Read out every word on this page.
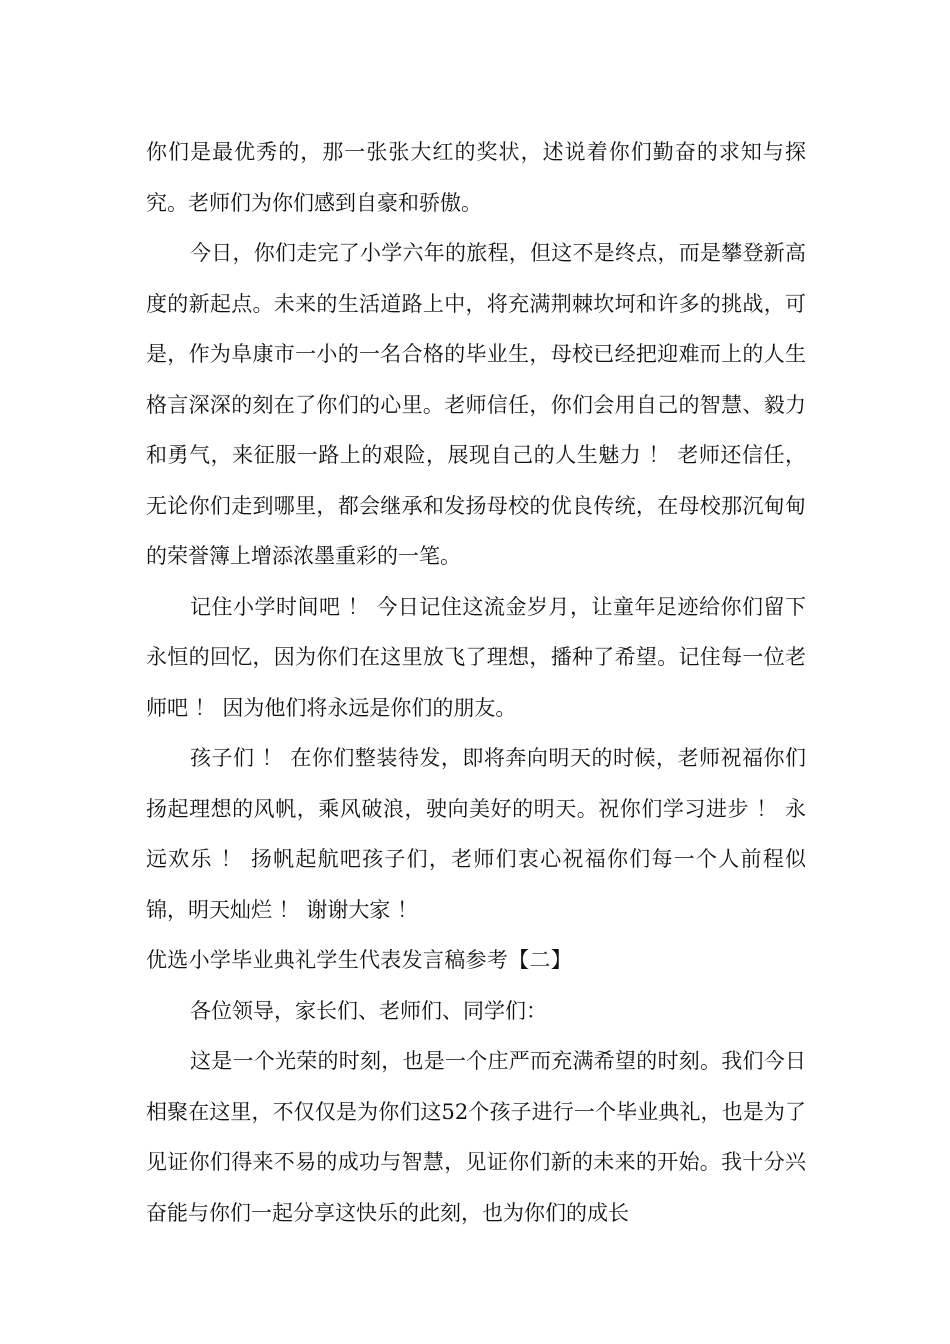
你们是最优秀的，那一张张大红的奖状，述说着你们勤奋的求知与探究。老师们为你们感到自豪和骄傲。

今日，你们走完了小学六年的旅程，但这不是终点，而是攀登新高度的新起点。未来的生活道路上中，将充满荆棘坎坷和许多的挑战，可是，作为阜康市一小的一名合格的毕业生，母校已经把迎难而上的人生格言深深的刻在了你们的心里。老师信任，你们会用自己的智慧、毅力和勇气，来征服一路上的艰险，展现自己的人生魅力 ！ 老师还信任，无论你们走到哪里，都会继承和发扬母校的优良传统，在母校那沉甸甸的荣誉簿上增添浓墨重彩的一笔。

记住小学时间吧 ！ 今日记住这流金岁月，让童年足迹给你们留下永恒的回忆，因为你们在这里放飞了理想，播种了希望。记住每一位老师吧 ！ 因为他们将永远是你们的朋友。

孩子们 ！ 在你们整装待发，即将奔向明天的时候，老师祝福你们扬起理想的风帆，乘风破浪，驶向美好的明天。祝你们学习进步 ！ 永远欢乐 ！ 扬帆起航吧孩子们，老师们衷心祝福你们每一个人前程似锦，明天灿烂 ！ 谢谢大家 ！

优选小学毕业典礼学生代表发言稿参考【二】

各位领导，家长们、老师们、同学们：

这是一个光荣的时刻，也是一个庄严而充满希望的时刻。我们今日相聚在这里，不仅仅是为你们这52个孩子进行一个毕业典礼，也是为了见证你们得来不易的成功与智慧，见证你们新的未来的开始。我十分兴奋能与你们一起分享这快乐的此刻，也为你们的成长
